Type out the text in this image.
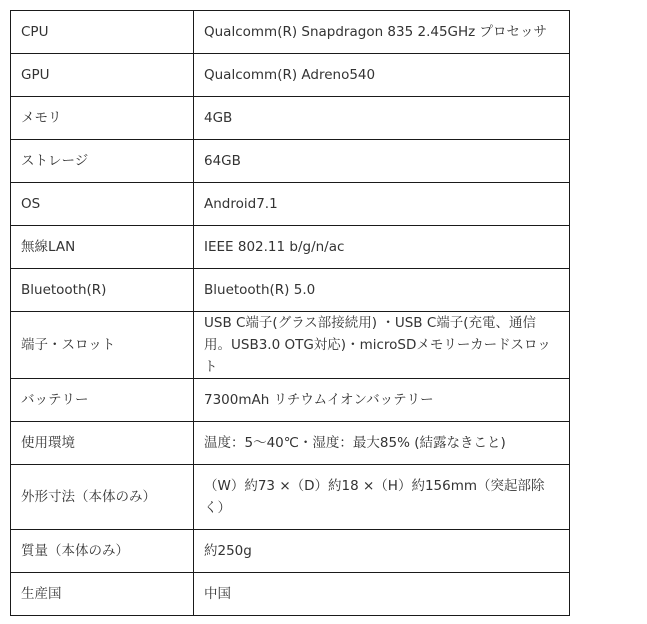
CPU	Qualcomm(R) Snapdragon 835 2.45GHz プロセッサ
GPU	Qualcomm(R) Adreno540
メモリ	4GB
ストレージ	64GB
OS	Android7.1
無線LAN	IEEE 802.11 b/g/n/ac
Bluetooth(R)	Bluetooth(R) 5.0
端子・スロット	USB C端子(グラス部接続用) ・USB C端子(充電、通信用。USB3.0 OTG対応)・microSDメモリーカードスロット
バッテリー	7300mAh リチウムイオンバッテリー
使用環境	温度：5～40℃・湿度：最大85% (結露なきこと)
外形寸法（本体のみ）	（W）約73 ×（D）約18 ×（H）約156mm（突起部除く）
質量（本体のみ）	約250g
生産国	中国
